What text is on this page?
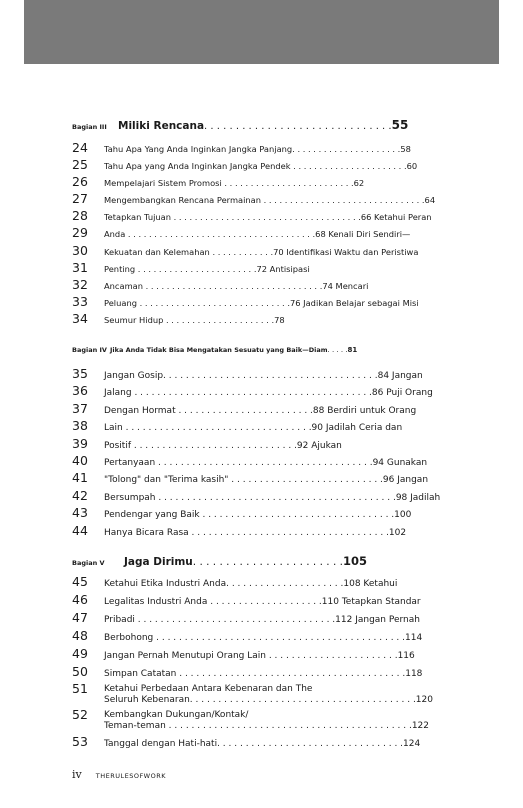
Bagian III	Miliki Rencana . . . . . . . . . . . . . . . . . . . . . . . . . . . . . . 55
24	Tahu Apa Yang Anda Inginkan Jangka Panjang. . . . . . . . . . . . . . . . . . . . .58
25	Tahu Apa yang Anda Inginkan Jangka Pendek . . . . . . . . . . . . . . . . . . . . . .60
26	Mempelajari Sistem Promosi . . . . . . . . . . . . . . . . . . . . . . . . .62
27	Mengembangkan Rencana Permainan . . . . . . . . . . . . . . . . . . . . . . . . . . . . . . .64
28	Tetapkan Tujuan . . . . . . . . . . . . . . . . . . . . . . . . . . . . . . . . . . . .66 Ketahui Peran
29	Anda . . . . . . . . . . . . . . . . . . . . . . . . . . . . . . . . . . . .68 Kenali Diri Sendiri—
30	Kekuatan dan Kelemahan . . . . . . . . . . . .70 Identifikasi Waktu dan Peristiwa
31	Penting . . . . . . . . . . . . . . . . . . . . . . .72 Antisipasi
32	Ancaman . . . . . . . . . . . . . . . . . . . . . . . . . . . . . . . . . .74 Mencari
33	Peluang . . . . . . . . . . . . . . . . . . . . . . . . . . . . .76 Jadikan Belajar sebagai Misi
34	Seumur Hidup . . . . . . . . . . . . . . . . . . . . .78
Bagian IV Jika Anda Tidak Bisa Mengatakan Sesuatu yang Baik—Diam . . . . . 81
35	Jangan Gosip. . . . . . . . . . . . . . . . . . . . . . . . . . . . . . . . . . . . . .84 Jangan
36	Jalang . . . . . . . . . . . . . . . . . . . . . . . . . . . . . . . . . . . . . . . . . .86 Puji Orang
37	Dengan Hormat . . . . . . . . . . . . . . . . . . . . . . . .88 Berdiri untuk Orang
38	Lain . . . . . . . . . . . . . . . . . . . . . . . . . . . . . . . . .90 Jadilah Ceria dan
39	Positif . . . . . . . . . . . . . . . . . . . . . . . . . . . . .92 Ajukan
40	Pertanyaan . . . . . . . . . . . . . . . . . . . . . . . . . . . . . . . . . . . . . .94 Gunakan
41	"Tolong" dan "Terima kasih" . . . . . . . . . . . . . . . . . . . . . . . . . . .96 Jangan
42	Bersumpah . . . . . . . . . . . . . . . . . . . . . . . . . . . . . . . . . . . . . . . . . .98 Jadilah
43	Pendengar yang Baik . . . . . . . . . . . . . . . . . . . . . . . . . . . . . . . . . .100
44	Hanya Bicara Rasa . . . . . . . . . . . . . . . . . . . . . . . . . . . . . . . . . . .102
Bagian V	Jaga Dirimu . . . . . . . . . . . . . . . . . . . . . . . 105
45	Ketahui Etika Industri Anda. . . . . . . . . . . . . . . . . . . . .108 Ketahui
46	Legalitas Industri Anda . . . . . . . . . . . . . . . . . . . .110 Tetapkan Standar
47	Pribadi . . . . . . . . . . . . . . . . . . . . . . . . . . . . . . . . . . .112 Jangan Pernah
48	Berbohong . . . . . . . . . . . . . . . . . . . . . . . . . . . . . . . . . . . . . . . . . . . .114
49	Jangan Pernah Menutupi Orang Lain . . . . . . . . . . . . . . . . . . . . . . .116
50	Simpan Catatan . . . . . . . . . . . . . . . . . . . . . . . . . . . . . . . . . . . . . . . .118
51	Ketahui Perbedaan Antara Kebenaran dan The
Seluruh Kebenaran. . . . . . . . . . . . . . . . . . . . . . . . . . . . . . . . . . . . . . . .120
52	Kembangkan Dukungan/Kontak/
Teman-teman . . . . . . . . . . . . . . . . . . . . . . . . . . . . . . . . . . . . . . . . . . .122
53	Tanggal dengan Hati-hati. . . . . . . . . . . . . . . . . . . . . . . . . . . . . . . . .124
iv THERULESOFWORK
